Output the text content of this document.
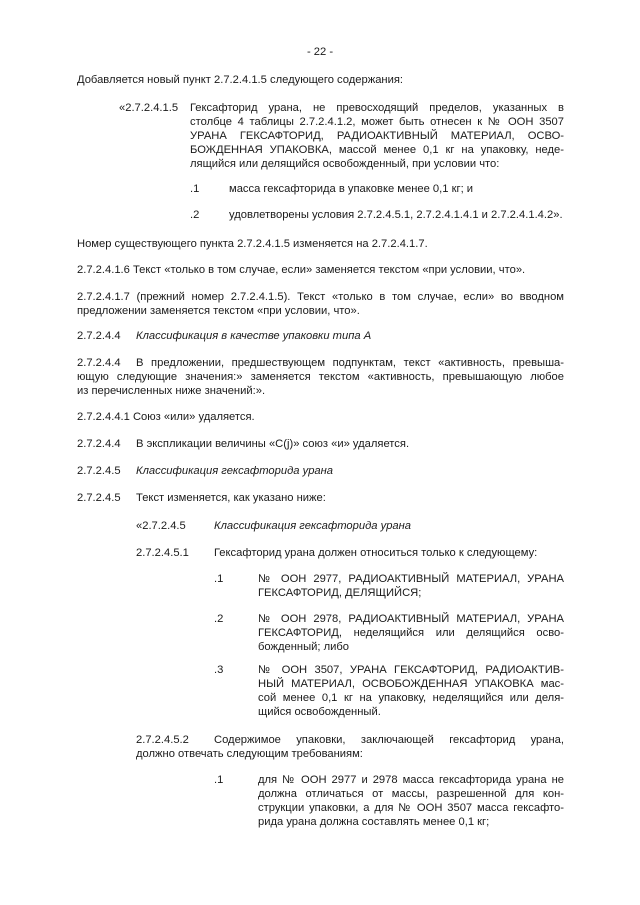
- 22 -
Добавляется новый пункт 2.7.2.4.1.5 следующего содержания:
«2.7.2.4.1.5 Гексафторид урана, не превосходящий пределов, указанных в
столбце 4 таблицы 2.7.2.4.1.2, может быть отнесен к № ООН 3507
УРАНА ГЕКСАФТОРИД, РАДИОАКТИВНЫЙ МАТЕРИАЛ, ОСВО-
БОЖДЕННАЯ УПАКОВКА, массой менее 0,1 кг на упаковку, неде-
лящийся или делящийся освобожденный, при условии что:
.1	масса гексафторида в упаковке менее 0,1 кг; и
.2	удовлетворены условия 2.7.2.4.5.1, 2.7.2.4.1.4.1 и 2.7.2.4.1.4.2».
Номер существующего пункта 2.7.2.4.1.5 изменяется на 2.7.2.4.1.7.
2.7.2.4.1.6 Текст «только в том случае, если» заменяется текстом «при условии, что».
2.7.2.4.1.7 (прежний номер 2.7.2.4.1.5). Текст «только в том случае, если» во вводном
предложении заменяется текстом «при условии, что».
2.7.2.4.4 Классификация в качестве упаковки типа А
2.7.2.4.4 В предложении, предшествующем подпунктам, текст «активность, превыша-
ющую следующие значения:» заменяется текстом «активность, превышающую любое
из перечисленных ниже значений:».
2.7.2.4.4.1 Союз «или» удаляется.
2.7.2.4.4 В экспликации величины «C(j)» союз «и» удаляется.
2.7.2.4.5 Классификация гексафторида урана
2.7.2.4.5 Текст изменяется, как указано ниже:
«2.7.2.4.5	Классификация гексафторида урана
2.7.2.4.5.1 Гексафторид урана должен относиться только к следующему:
.1	№ ООН 2977, РАДИОАКТИВНЫЙ МАТЕРИАЛ, УРАНА
ГЕКСАФТОРИД, ДЕЛЯЩИЙСЯ;
.2	№ ООН 2978, РАДИОАКТИВНЫЙ МАТЕРИАЛ, УРАНА
ГЕКСАФТОРИД, неделящийся или делящийся осво-
божденный; либо
.3	№ ООН 3507, УРАНА ГЕКСАФТОРИД, РАДИОАКТИВ-
НЫЙ МАТЕРИАЛ, ОСВОБОЖДЕННАЯ УПАКОВКА мас-
сой менее 0,1 кг на упаковку, неделящийся или деля-
щийся освобожденный.
2.7.2.4.5.2 Содержимое упаковки, заключающей гексафторид урана,
должно отвечать следующим требованиям:
.1	для № ООН 2977 и 2978 масса гексафторида урана не
должна отличаться от массы, разрешенной для кон-
струкции упаковки, а для № ООН 3507 масса гексафто-
рида урана должна составлять менее 0,1 кг;
